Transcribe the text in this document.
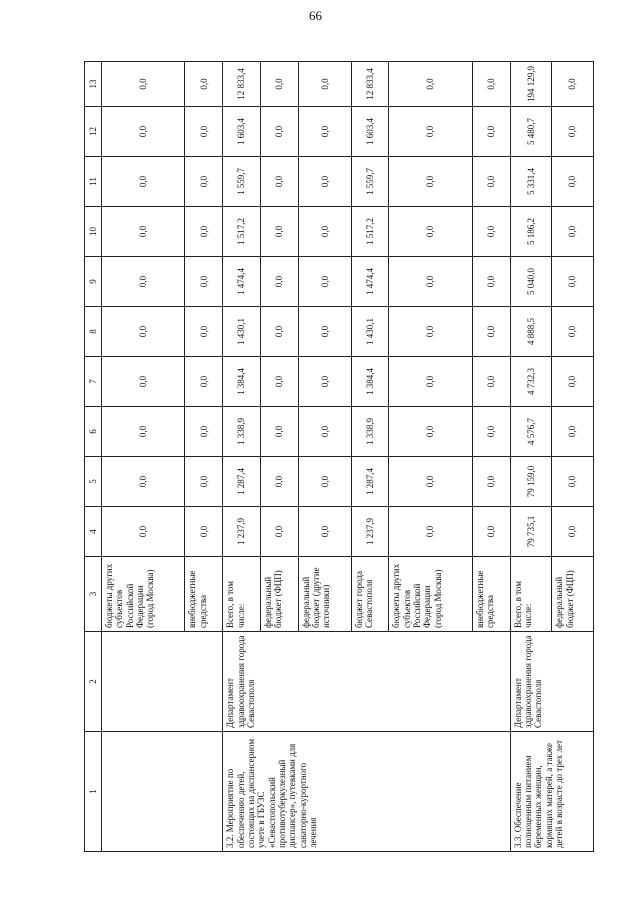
66
1	2	3	4	5	6	7	8	9	10	11	12	13
		бюджеты других субъектов Российской Федерации (город Москва)	0,0	0,0	0,0	0,0	0,0	0,0	0,0	0,0	0,0	0,0
		внебюджетные средства	0,0	0,0	0,0	0,0	0,0	0,0	0,0	0,0	0,0	0,0
3.2. Мероприятие по обеспечению детей, состоящих на диспансерном учете в ГБУЗС «Севастопольский противотуберкулезный диспансер», путевками для санаторно-курортного лечения	Департамент здравоохранения города Севастополя	Всего, в том числе:	1 237,9	1 287,4	1 338,9	1 384,4	1 430,1	1 474,4	1 517,2	1 559,7	1 603,4	12 833,4
		федеральный бюджет (ФЦП)	0,0	0,0	0,0	0,0	0,0	0,0	0,0	0,0	0,0	0,0
		федеральный бюджет (другие источники)	0,0	0,0	0,0	0,0	0,0	0,0	0,0	0,0	0,0	0,0
		бюджет города Севастополя	1 237,9	1 287,4	1 338,9	1 384,4	1 430,1	1 474,4	1 517,2	1 559,7	1 603,4	12 833,4
		бюджеты других субъектов Российской Федерации (город Москва)	0,0	0,0	0,0	0,0	0,0	0,0	0,0	0,0	0,0	0,0
		внебюджетные средства	0,0	0,0	0,0	0,0	0,0	0,0	0,0	0,0	0,0	0,0
3.3. Обеспечение полноценным питанием беременных женщин, кормящих матерей, а также детей в возрасте до трех лет	Департамент здравоохранения города Севастополя	Всего, в том числе:	79 735,1	79 159,0	4 576,7	4 732,3	4 888,5	5 040,0	5 186,2	5 331,4	5 480,7	194 129,9
		федеральный бюджет (ФЦП)	0,0	0,0	0,0	0,0	0,0	0,0	0,0	0,0	0,0	0,0
